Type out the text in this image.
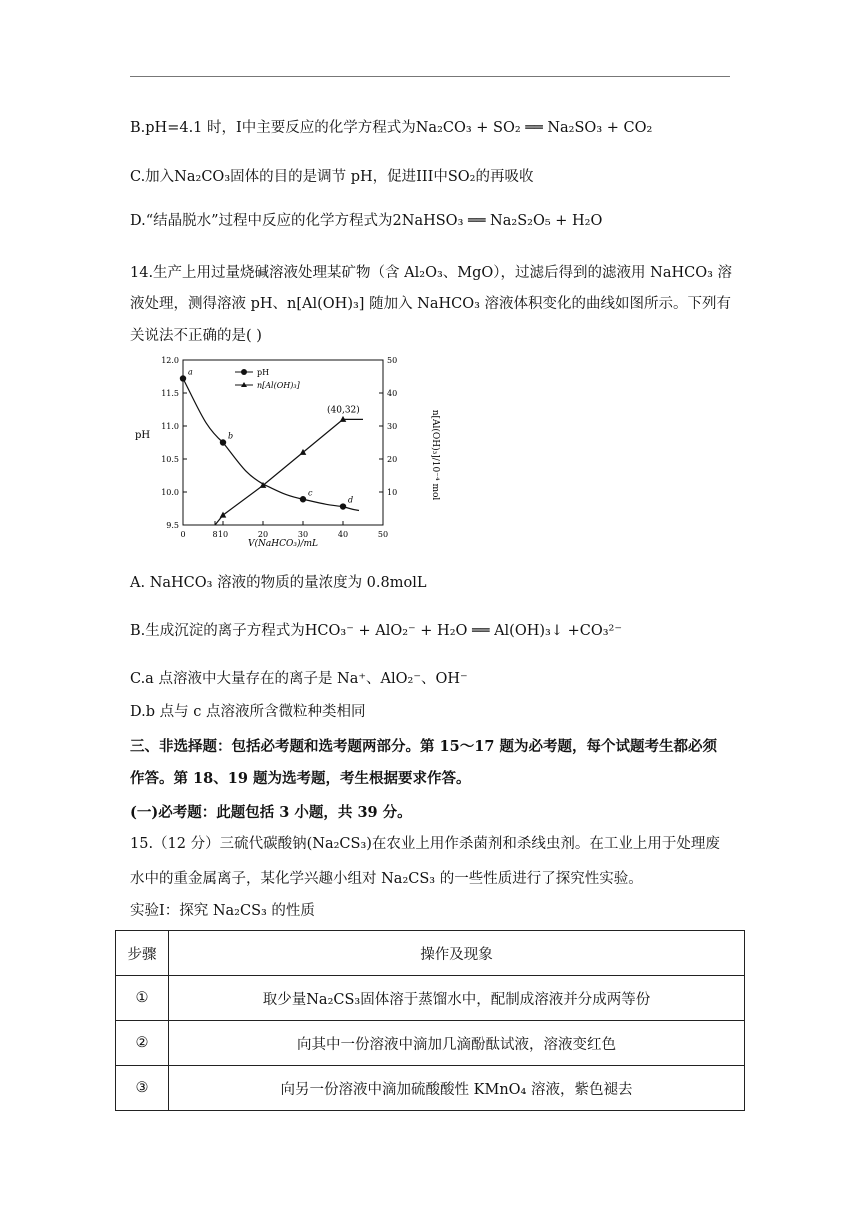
B.pH=4.1 时，I中主要反应的化学方程式为Na₂CO₃ + SO₂ ══ Na₂SO₃ + CO₂
C.加入Na₂CO₃固体的目的是调节 pH，促进III中SO₂的再吸收
D.“结晶脱水”过程中反应的化学方程式为2NaHSO₃ ══ Na₂S₂O₅ + H₂O
14.生产上用过量烧碱溶液处理某矿物（含 Al₂O₃、MgO），过滤后得到的滤液用 NaHCO₃ 溶
液处理，测得溶液 pH、n[Al(OH)₃] 随加入 NaHCO₃ 溶液体积变化的曲线如图所示。下列有
关说法不正确的是( )
0	8 10	20	30	40	50
9.5
10.0
10.5
11.0
11.5
12.0
10
20
30
40
50
a
b
c
d
pH	n[Al(OH)₃]/10⁻⁴ mol
V(NaHCO₃)/mL
pH
n[Al(OH)₃]
(40,32)
A. NaHCO₃ 溶液的物质的量浓度为 0.8molL
B.生成沉淀的离子方程式为HCO₃⁻ + AlO₂⁻ + H₂O ══ Al(OH)₃↓ +CO₃²⁻
C.a 点溶液中大量存在的离子是 Na⁺、AlO₂⁻、OH⁻
D.b 点与 c 点溶液所含微粒种类相同
三、非选择题：包括必考题和选考题两部分。第 15～17 题为必考题，每个试题考生都必须
作答。第 18、19 题为选考题，考生根据要求作答。
(一)必考题：此题包括 3 小题，共 39 分。
15.（12 分）三硫代碳酸钠(Na₂CS₃)在农业上用作杀菌剂和杀线虫剂。在工业上用于处理废
水中的重金属离子，某化学兴趣小组对 Na₂CS₃ 的一些性质进行了探究性实验。
实验I：探究 Na₂CS₃ 的性质
步骤	操作及现象
①	取少量Na₂CS₃固体溶于蒸馏水中，配制成溶液并分成两等份
②	向其中一份溶液中滴加几滴酚酞试液，溶液变红色
③	向另一份溶液中滴加硫酸酸性 KMnO₄ 溶液，紫色褪去
